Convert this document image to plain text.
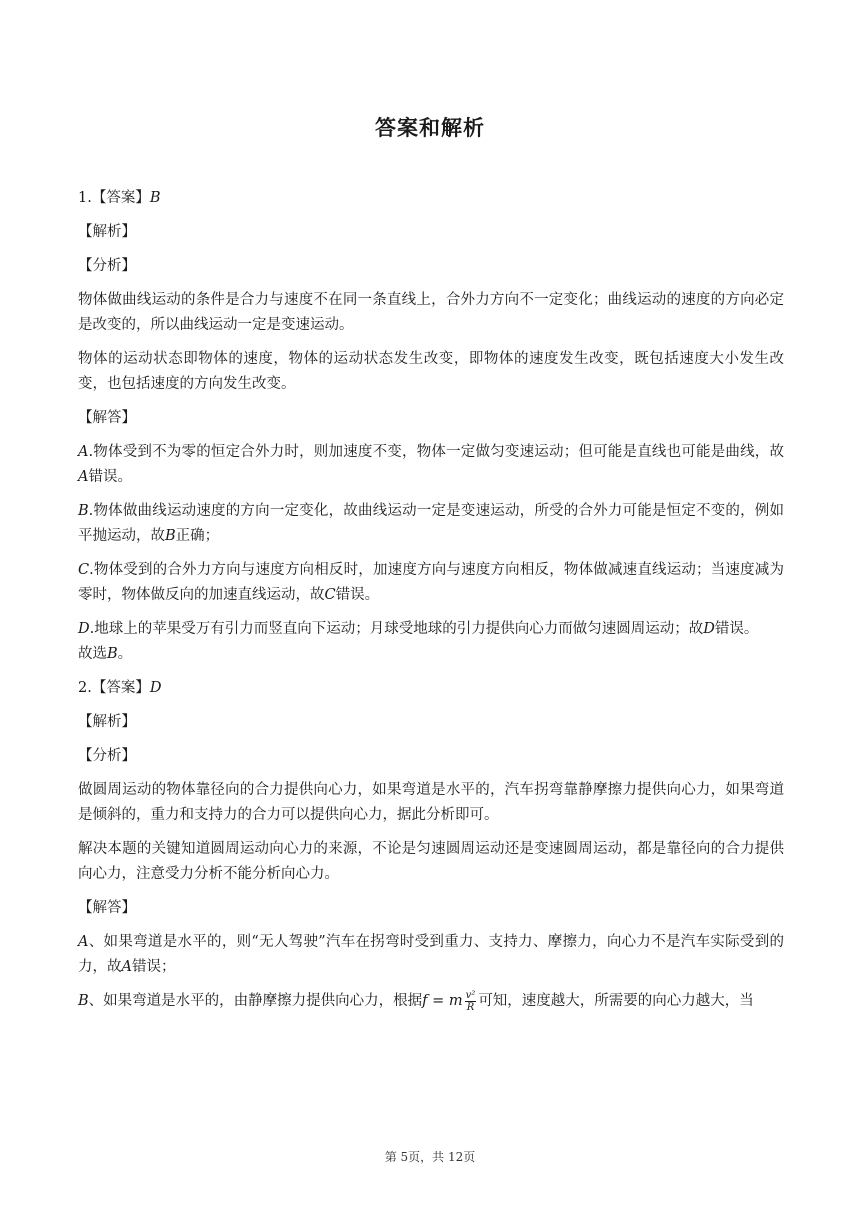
答案和解析

1.【答案】B

【解析】

【分析】

物体做曲线运动的条件是合力与速度不在同一条直线上，合外力方向不一定变化；曲线运动的速度的方向必定是改变的，所以曲线运动一定是变速运动。

物体的运动状态即物体的速度，物体的运动状态发生改变，即物体的速度发生改变，既包括速度大小发生改变，也包括速度的方向发生改变。

【解答】

A.物体受到不为零的恒定合外力时，则加速度不变，物体一定做匀变速运动；但可能是直线也可能是曲线，故A错误。

B.物体做曲线运动速度的方向一定变化，故曲线运动一定是变速运动，所受的合外力可能是恒定不变的，例如平抛运动，故B正确；

C.物体受到的合外力方向与速度方向相反时，加速度方向与速度方向相反，物体做减速直线运动；当速度减为零时，物体做反向的加速直线运动，故C错误。

D.地球上的苹果受万有引力而竖直向下运动；月球受地球的引力提供向心力而做匀速圆周运动；故D错误。

故选B。

2.【答案】D

【解析】

【分析】

做圆周运动的物体靠径向的合力提供向心力，如果弯道是水平的，汽车拐弯靠静摩擦力提供向心力，如果弯道是倾斜的，重力和支持力的合力可以提供向心力，据此分析即可。

解决本题的关键知道圆周运动向心力的来源，不论是匀速圆周运动还是变速圆周运动，都是靠径向的合力提供向心力，注意受力分析不能分析向心力。

【解答】

A、如果弯道是水平的，则“无人驾驶”汽车在拐弯时受到重力、支持力、摩擦力，向心力不是汽车实际受到的力，故A错误；

B、如果弯道是水平的，由静摩擦力提供向心力，根据f = m $\frac{\text{v²}}{R}$ 可知，速度越大，所需要的向心力越大，当

第 5页，共 12页
